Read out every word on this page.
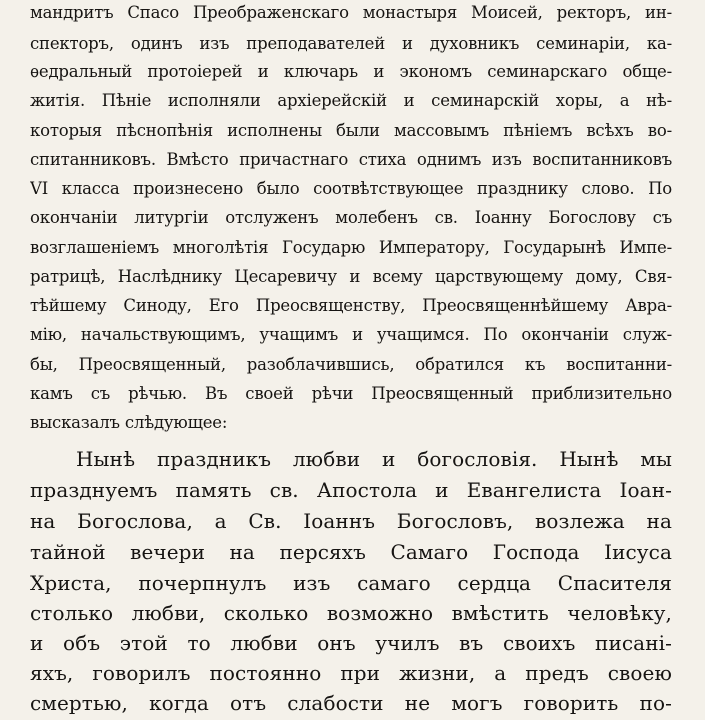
мандритъ Спасо Преображенскаго монастыря Моисей, ректоръ, ин-
спекторъ, одинъ изъ преподавателей и духовникъ семинаріи, ка-
ѳедральный протоіерей и ключарь и экономъ семинарскаго обще-
житія. Пѣніе исполняли архіерейскій и семинарскій хоры, а нѣ-
которыя пѣснопѣнія исполнены были массовымъ пѣніемъ всѣхъ во-
спитанниковъ. Вмѣсто причастнаго стиха однимъ изъ воспитанниковъ
VI класса произнесено было соотвѣтствующее празднику слово. По
окончаніи литургіи отслуженъ молебенъ св. Іоанну Богослову съ
возглашеніемъ многолѣтія Государю Императору, Государынѣ Импе-
ратрицѣ, Наслѣднику Цесаревичу и всему царствующему дому, Свя-
тѣйшему Синоду, Его Преосвященству, Преосвященнѣйшему Авра-
мію, начальствующимъ, учащимъ и учащимся. По окончаніи служ-
бы, Преосвященный, разоблачившись, обратился къ воспитанни-
камъ съ рѣчью. Въ своей рѣчи Преосвященный приблизительно
высказалъ слѣдующее:
Нынѣ праздникъ любви и богословія. Нынѣ мы
празднуемъ память св. Апостола и Евангелиста Іоан-
на Богослова, а Св. Іоаннъ Богословъ, возлежа на
тайной вечери на персяхъ Самаго Господа Іисуса
Христа, почерпнулъ изъ самаго сердца Спасителя
столько любви, сколько возможно вмѣстить человѣку,
и объ этой то любви онъ училъ въ своихъ писані-
яхъ, говорилъ постоянно при жизни, а предъ своею
смертью, когда отъ слабости не могъ говорить по-
